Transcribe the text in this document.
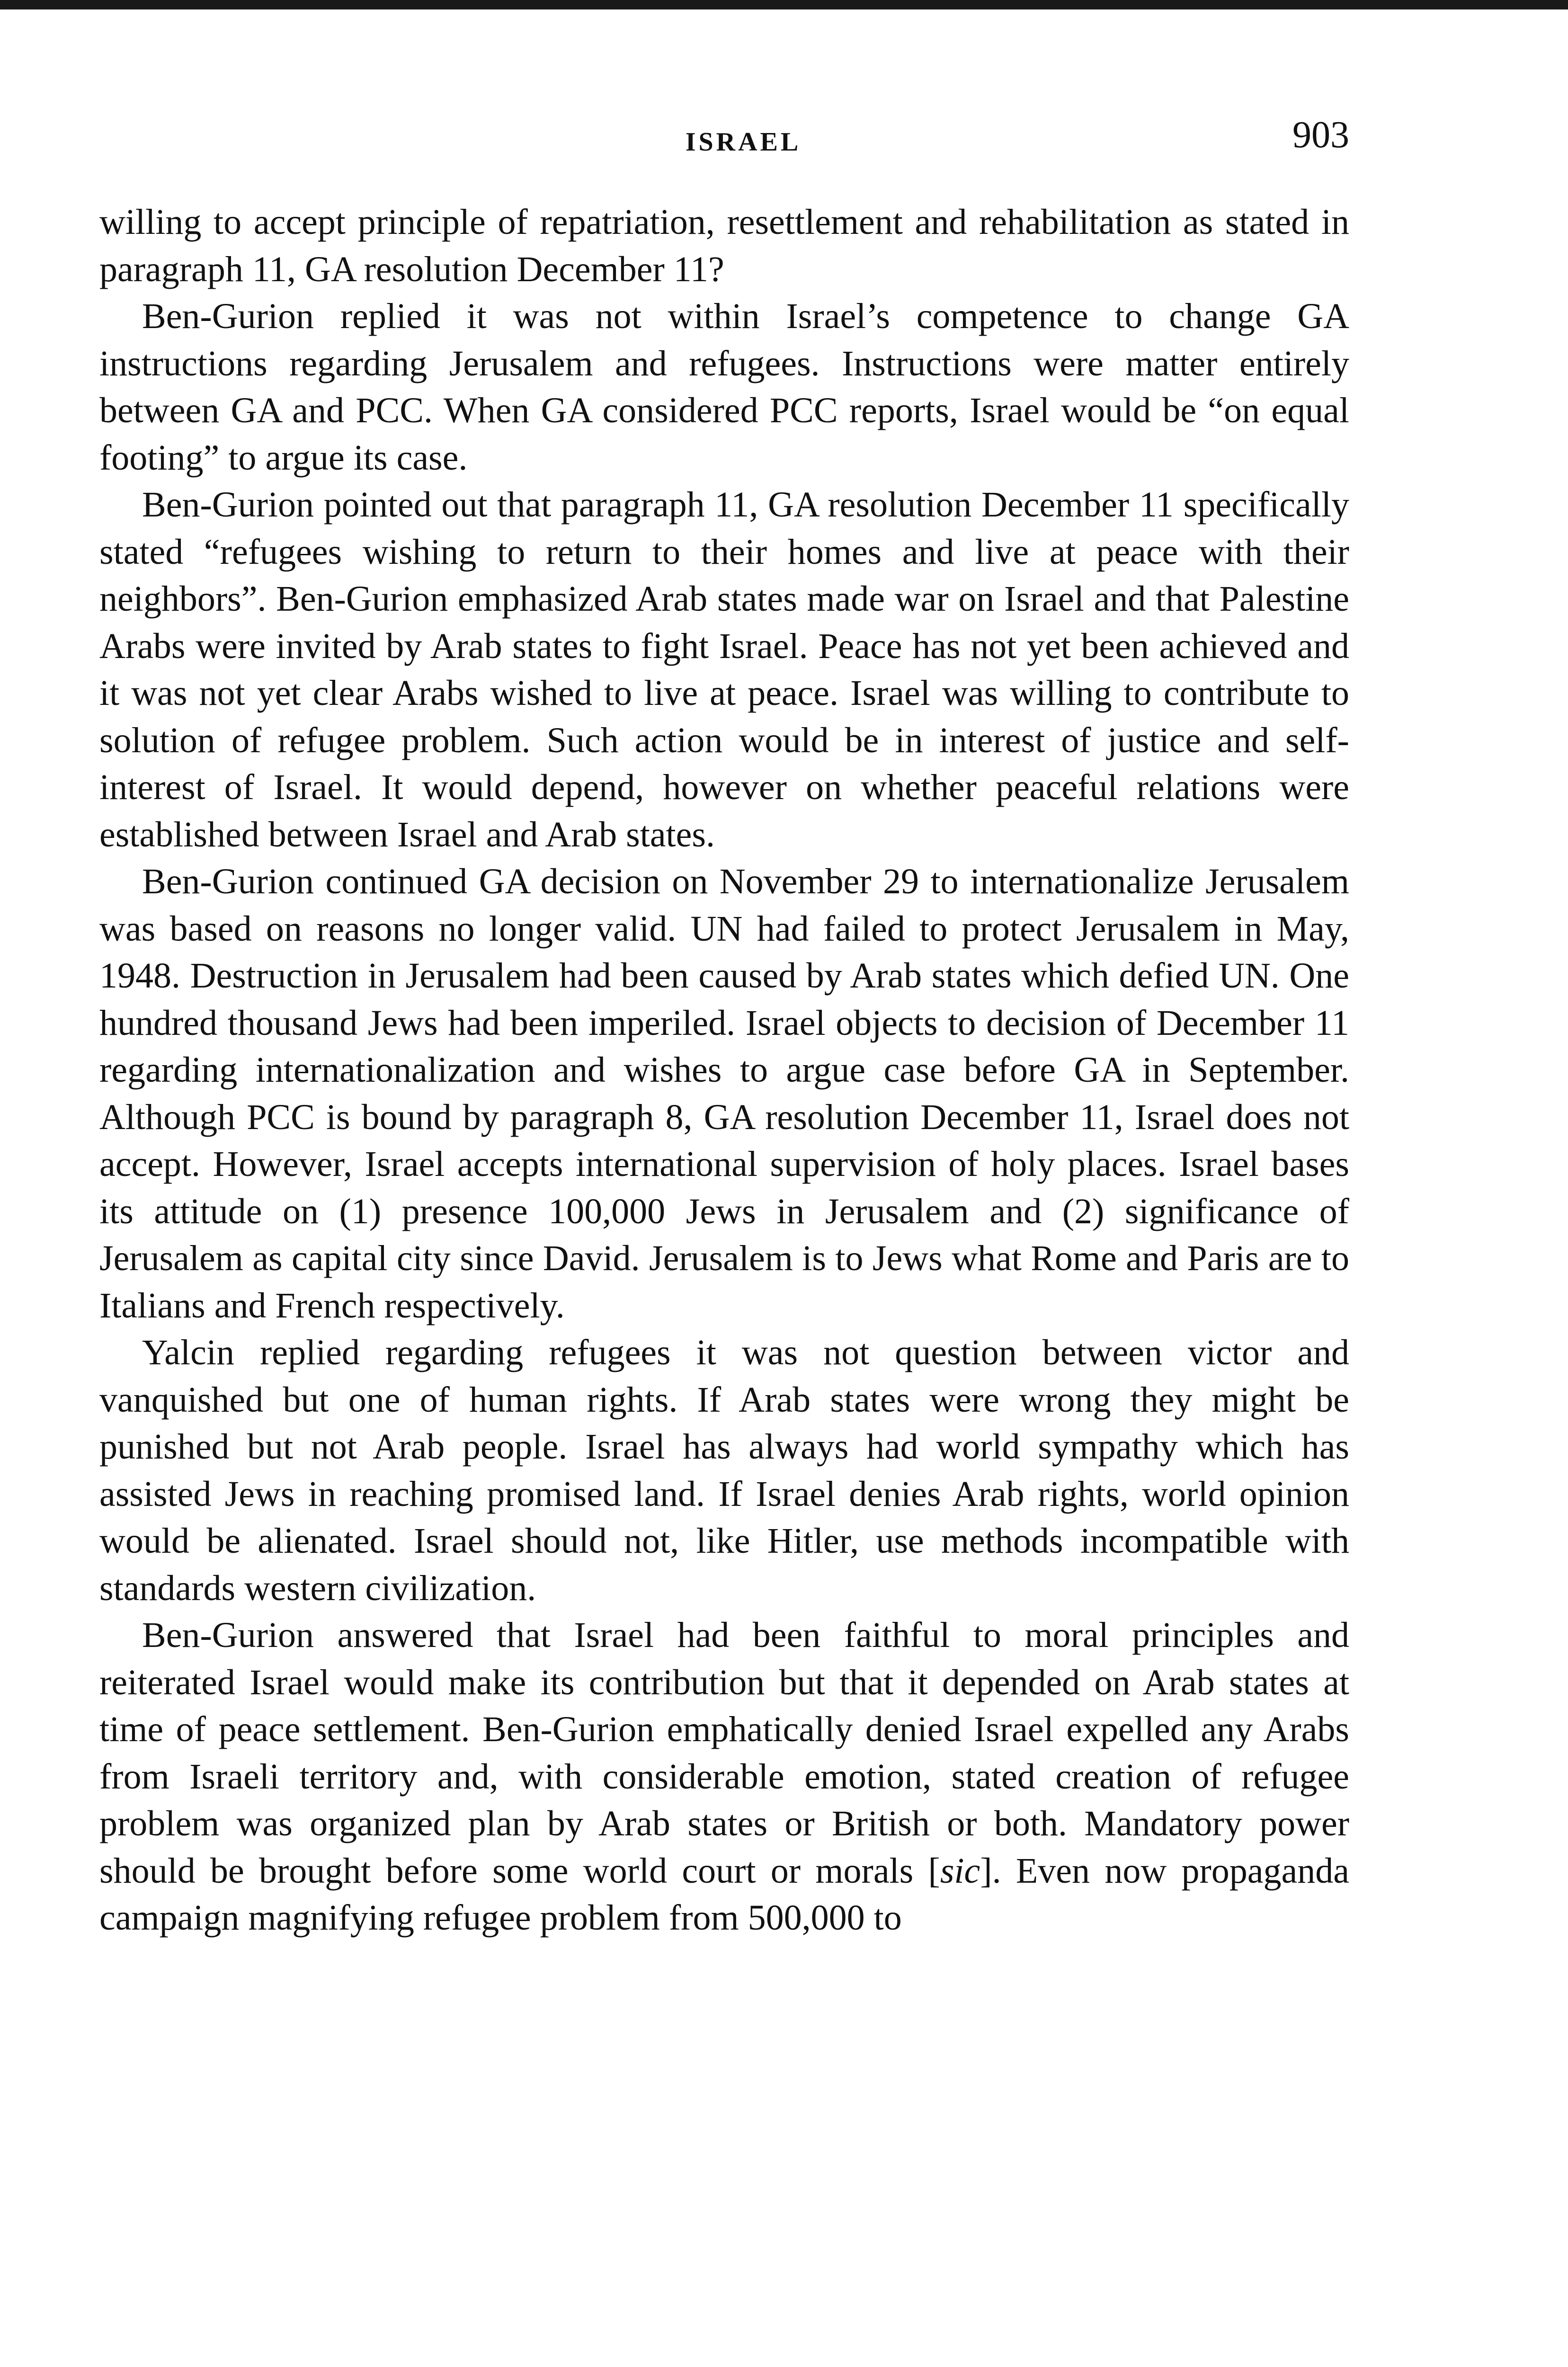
ISRAEL	903

willing to accept principle of repatriation, resettlement and rehabilitation as stated in paragraph 11, GA resolution December 11?

Ben-Gurion replied it was not within Israel’s competence to change GA instructions regarding Jerusalem and refugees. Instructions were matter entirely between GA and PCC. When GA considered PCC reports, Israel would be “on equal footing” to argue its case.

Ben-Gurion pointed out that paragraph 11, GA resolution December 11 specifically stated “refugees wishing to return to their homes and live at peace with their neighbors”. Ben-Gurion emphasized Arab states made war on Israel and that Palestine Arabs were invited by Arab states to fight Israel. Peace has not yet been achieved and it was not yet clear Arabs wished to live at peace. Israel was willing to contribute to solution of refugee problem. Such action would be in interest of justice and self-interest of Israel. It would depend, however on whether peaceful relations were established between Israel and Arab states.

Ben-Gurion continued GA decision on November 29 to internationalize Jerusalem was based on reasons no longer valid. UN had failed to protect Jerusalem in May, 1948. Destruction in Jerusalem had been caused by Arab states which defied UN. One hundred thousand Jews had been imperiled. Israel objects to decision of December 11 regarding internationalization and wishes to argue case before GA in September. Although PCC is bound by paragraph 8, GA resolution December 11, Israel does not accept. However, Israel accepts international supervision of holy places. Israel bases its attitude on (1) presence 100,000 Jews in Jerusalem and (2) significance of Jerusalem as capital city since David. Jerusalem is to Jews what Rome and Paris are to Italians and French respectively.

Yalcin replied regarding refugees it was not question between victor and vanquished but one of human rights. If Arab states were wrong they might be punished but not Arab people. Israel has always had world sympathy which has assisted Jews in reaching promised land. If Israel denies Arab rights, world opinion would be alienated. Israel should not, like Hitler, use methods incompatible with standards western civilization.

Ben-Gurion answered that Israel had been faithful to moral principles and reiterated Israel would make its contribution but that it depended on Arab states at time of peace settlement. Ben-Gurion emphatically denied Israel expelled any Arabs from Israeli territory and, with considerable emotion, stated creation of refugee problem was organized plan by Arab states or British or both. Mandatory power should be brought before some world court or morals [sic]. Even now propaganda campaign magnifying refugee problem from 500,000 to
